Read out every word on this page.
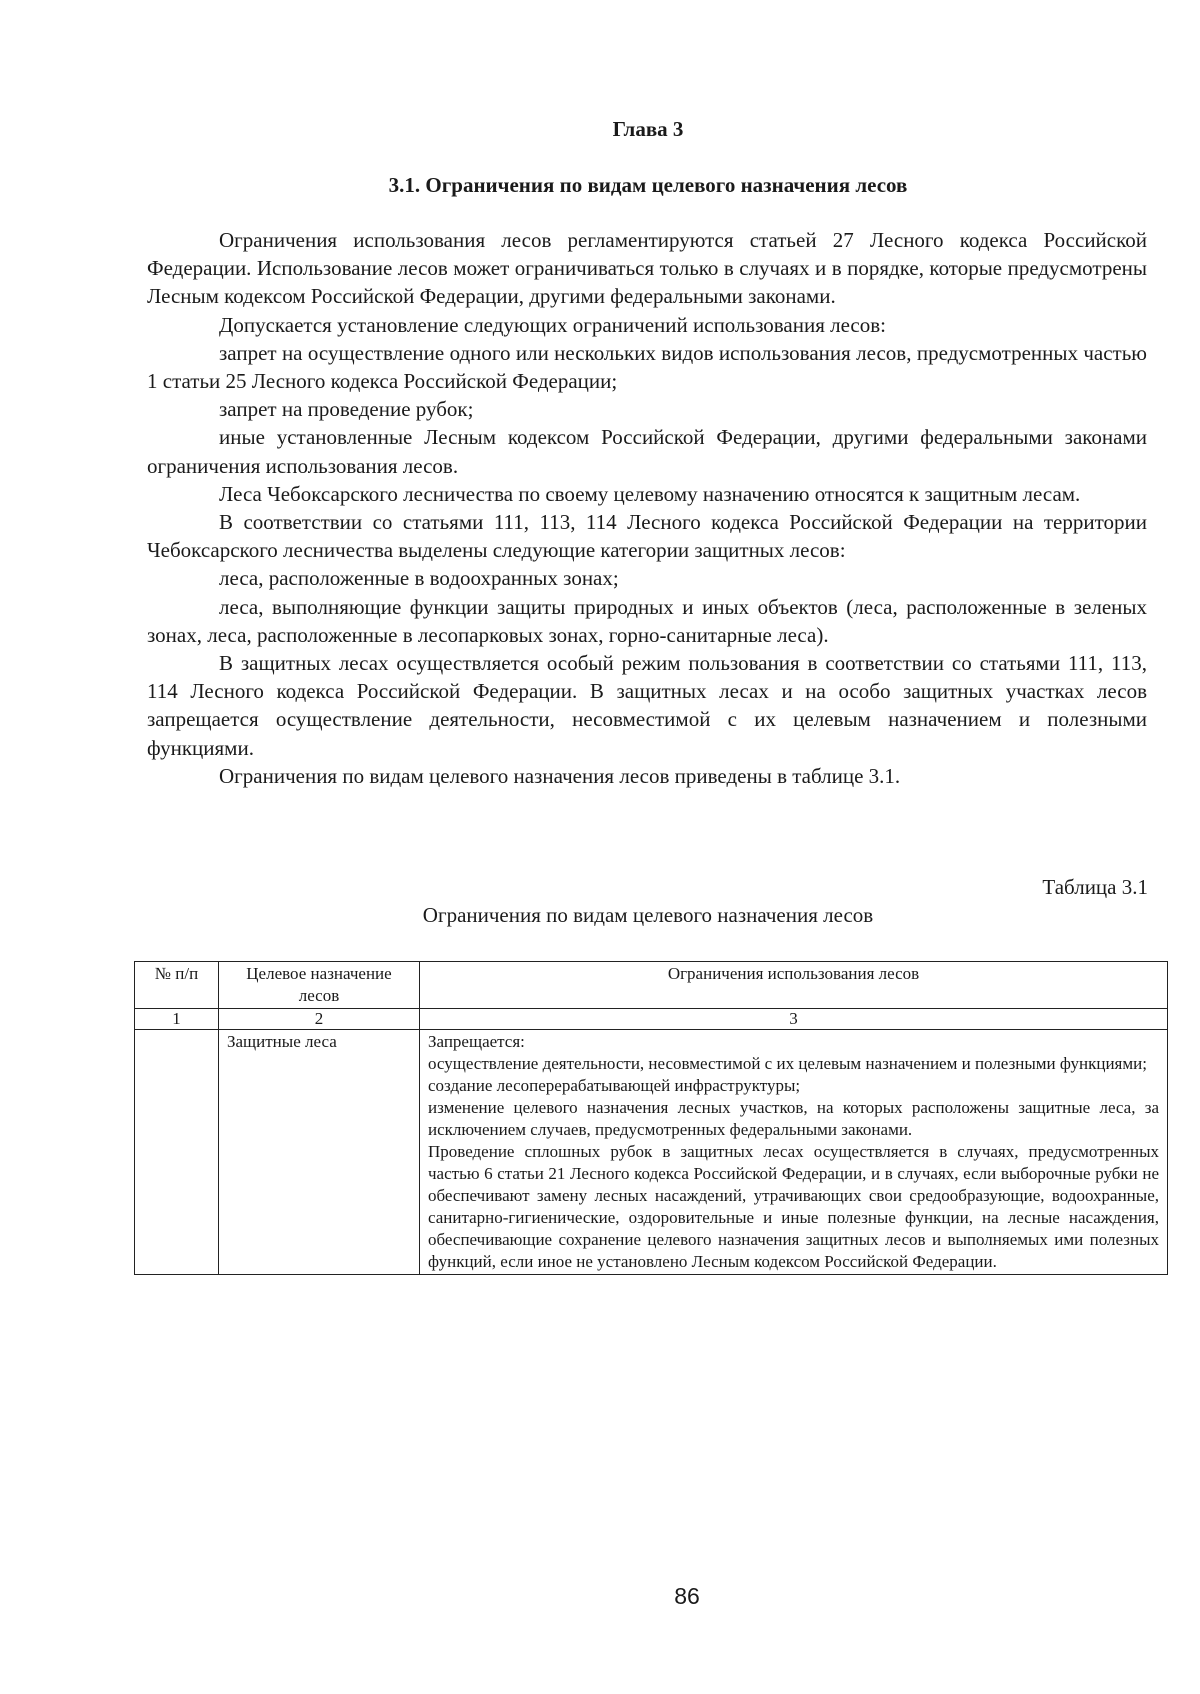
Глава 3
3.1. Ограничения по видам целевого назначения лесов

Ограничения использования лесов регламентируются статьей 27 Лесного кодекса Российской Федерации. Использование лесов может ограничиваться только в случаях и в порядке, которые предусмотрены Лесным кодексом Российской Федерации, другими федеральными законами.

Допускается установление следующих ограничений использования лесов:

запрет на осуществление одного или нескольких видов использования лесов, предусмотренных частью 1 статьи 25 Лесного кодекса Российской Федерации;

запрет на проведение рубок;

иные установленные Лесным кодексом Российской Федерации, другими федеральными законами ограничения использования лесов.

Леса Чебоксарского лесничества по своему целевому назначению относятся к защитным лесам.

В соответствии со статьями 111, 113, 114 Лесного кодекса Российской Федерации на территории Чебоксарского лесничества выделены следующие категории защитных лесов:

леса, расположенные в водоохранных зонах;

леса, выполняющие функции защиты природных и иных объектов (леса, расположенные в зеленых зонах, леса, расположенные в лесопарковых зонах, горно-санитарные леса).

В защитных лесах осуществляется особый режим пользования в соответствии со статьями 111, 113, 114 Лесного кодекса Российской Федерации. В защитных лесах и на особо защитных участках лесов запрещается осуществление деятельности, несовместимой с их целевым назначением и полезными функциями.

Ограничения по видам целевого назначения лесов приведены в таблице 3.1.

Таблица 3.1
Ограничения по видам целевого назначения лесов
№ п/п	Целевое назначение лесов	Ограничения использования лесов
1	2	3
	Защитные леса	Запрещается:

осуществление деятельности, несовместимой с их целевым назначением и полезными функциями;

создание лесоперерабатывающей инфраструктуры;

изменение целевого назначения лесных участков, на которых расположены защитные леса, за исключением случаев, предусмотренных федеральными законами.

Проведение сплошных рубок в защитных лесах осуществляется в случаях, предусмотренных частью 6 статьи 21 Лесного кодекса Российской Федерации, и в случаях, если выборочные рубки не обеспечивают замену лесных насаждений, утрачивающих свои средообразующие, водоохранные, санитарно-гигиенические, оздоровительные и иные полезные функции, на лесные насаждения, обеспечивающие сохранение целевого назначения защитных лесов и выполняемых ими полезных функций, если иное не установлено Лесным кодексом Российской Федерации.

86
